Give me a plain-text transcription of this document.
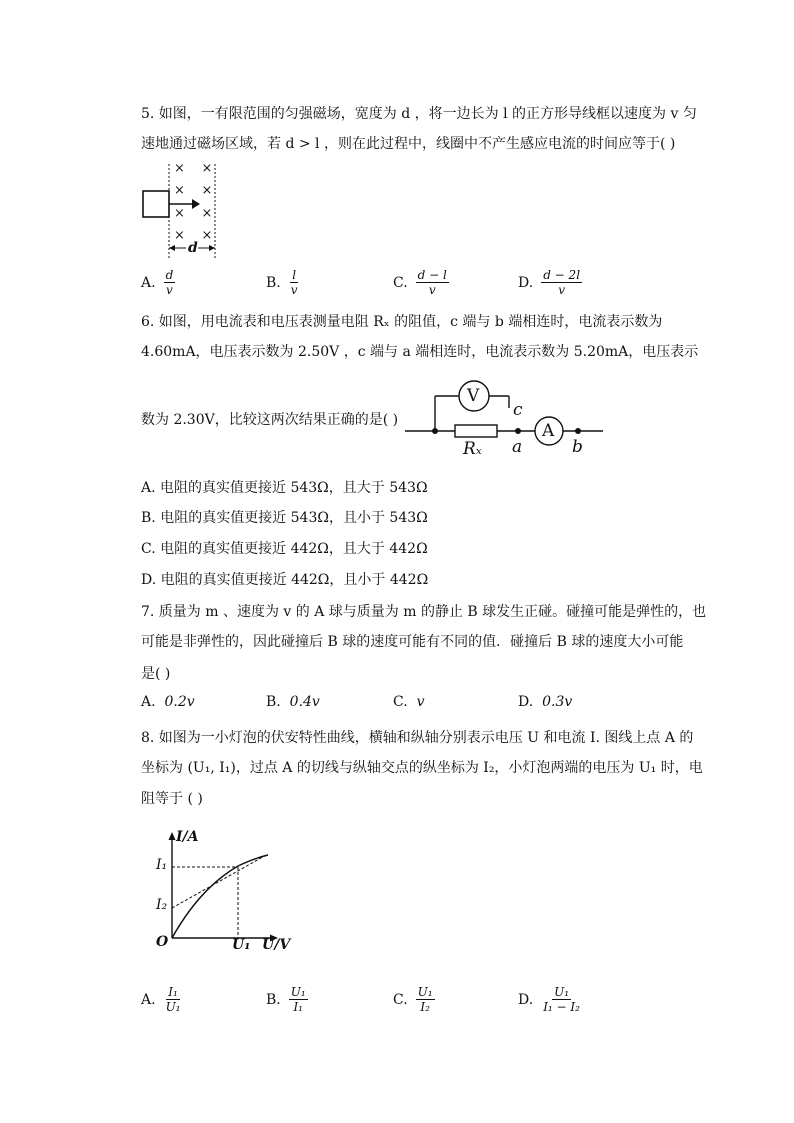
5. 如图，一有限范围的匀强磁场，宽度为 d ，将一边长为 l 的正方形导线框以速度为 v 匀
速地通过磁场区域，若 d > l ，则在此过程中，线圈中不产生感应电流的时间应等于( )
× ×
× ×
× ×
× ×
d
A. $\frac{d}{v}$	B. $\frac{l}{v}$	C. $\frac{d - l}{v}$	D. $\frac{d - 2l}{v}$
6. 如图，用电流表和电压表测量电阻 Rₓ 的阻值，c 端与 b 端相连时，电流表示数为
4.60mA，电压表示数为 2.50V ，c 端与 a 端相连时，电流表示数为 5.20mA，电压表示
数为 2.30V，比较这两次结果正确的是( )
V
A
c
Rₓ a	b
A. 电阻的真实值更接近 543Ω，且大于 543Ω
B. 电阻的真实值更接近 543Ω，且小于 543Ω
C. 电阻的真实值更接近 442Ω，且大于 442Ω
D. 电阻的真实值更接近 442Ω，且小于 442Ω
7. 质量为 m 、速度为 v 的 A 球与质量为 m 的静止 B 球发生正碰。碰撞可能是弹性的，也
可能是非弹性的，因此碰撞后 B 球的速度可能有不同的值．碰撞后 B 球的速度大小可能
是( )
A.
0.2v	B.
0.4v	C.
v	D.
0.3v
8. 如图为一小灯泡的伏安特性曲线，横轴和纵轴分别表示电压 U 和电流 I. 图线上点 A 的
坐标为 (U₁, I₁)，过点 A 的切线与纵轴交点的纵坐标为 I₂，小灯泡两端的电压为 U₁ 时，电
阻等于 ( )
I/A
I₁
I₂
O	U₁ U/V
A. $\frac{\text{I₁}}{\text{U₁}}$	B. $\frac{\text{U₁}}{\text{I₁}}$	C. $\frac{\text{U₁}}{\text{I₂}}$	D. $\frac{\text{U₁}}{\text{I₁ − I₂}}$
